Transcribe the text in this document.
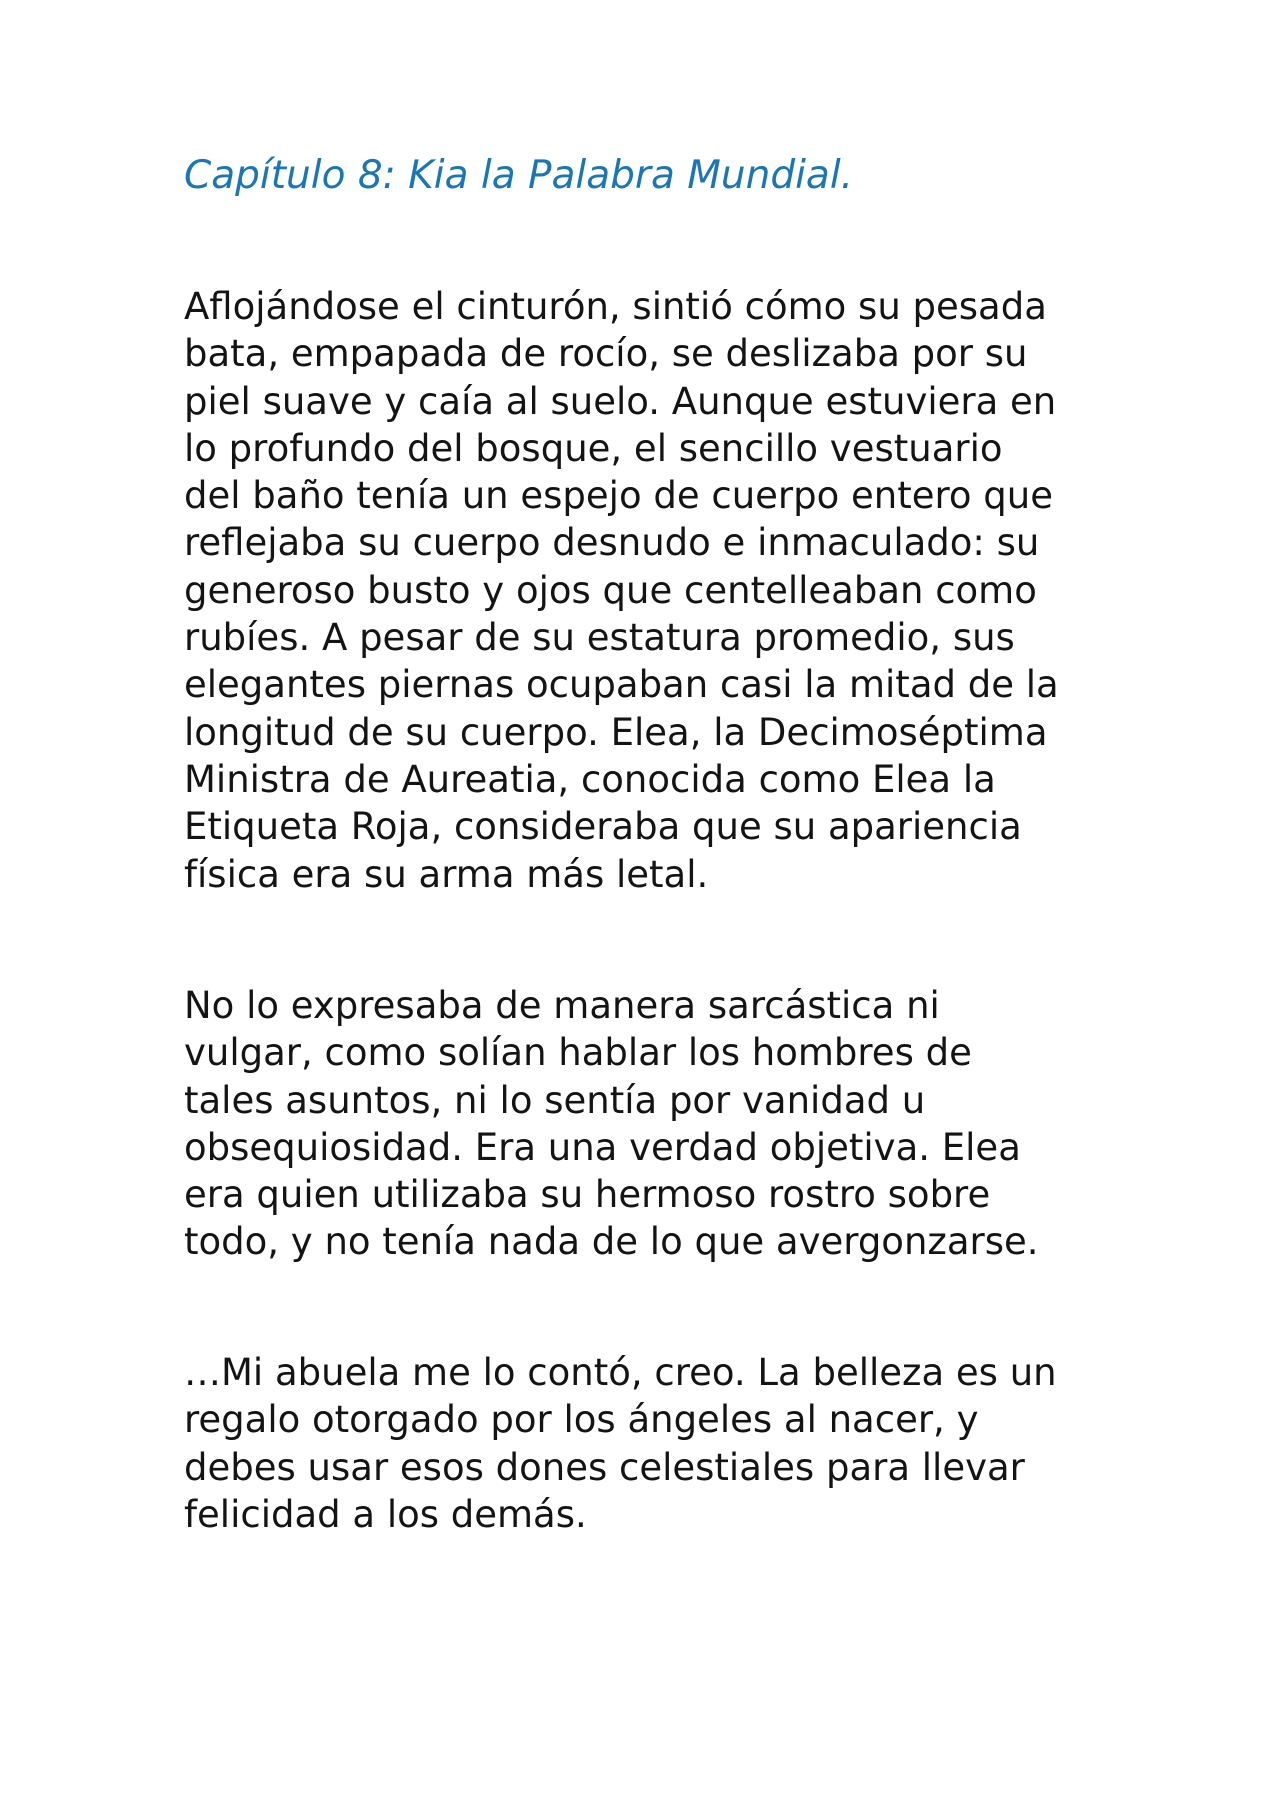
Capítulo 8: Kia la Palabra Mundial.

Aflojándose el cinturón, sintió cómo su pesada
bata, empapada de rocío, se deslizaba por su
piel suave y caía al suelo. Aunque estuviera en
lo profundo del bosque, el sencillo vestuario
del baño tenía un espejo de cuerpo entero que
reflejaba su cuerpo desnudo e inmaculado: su
generoso busto y ojos que centelleaban como
rubíes. A pesar de su estatura promedio, sus
elegantes piernas ocupaban casi la mitad de la
longitud de su cuerpo. Elea, la Decimoséptima
Ministra de Aureatia, conocida como Elea la
Etiqueta Roja, consideraba que su apariencia
física era su arma más letal.

No lo expresaba de manera sarcástica ni
vulgar, como solían hablar los hombres de
tales asuntos, ni lo sentía por vanidad u
obsequiosidad. Era una verdad objetiva. Elea
era quien utilizaba su hermoso rostro sobre
todo, y no tenía nada de lo que avergonzarse.

…Mi abuela me lo contó, creo. La belleza es un
regalo otorgado por los ángeles al nacer, y
debes usar esos dones celestiales para llevar
felicidad a los demás.
